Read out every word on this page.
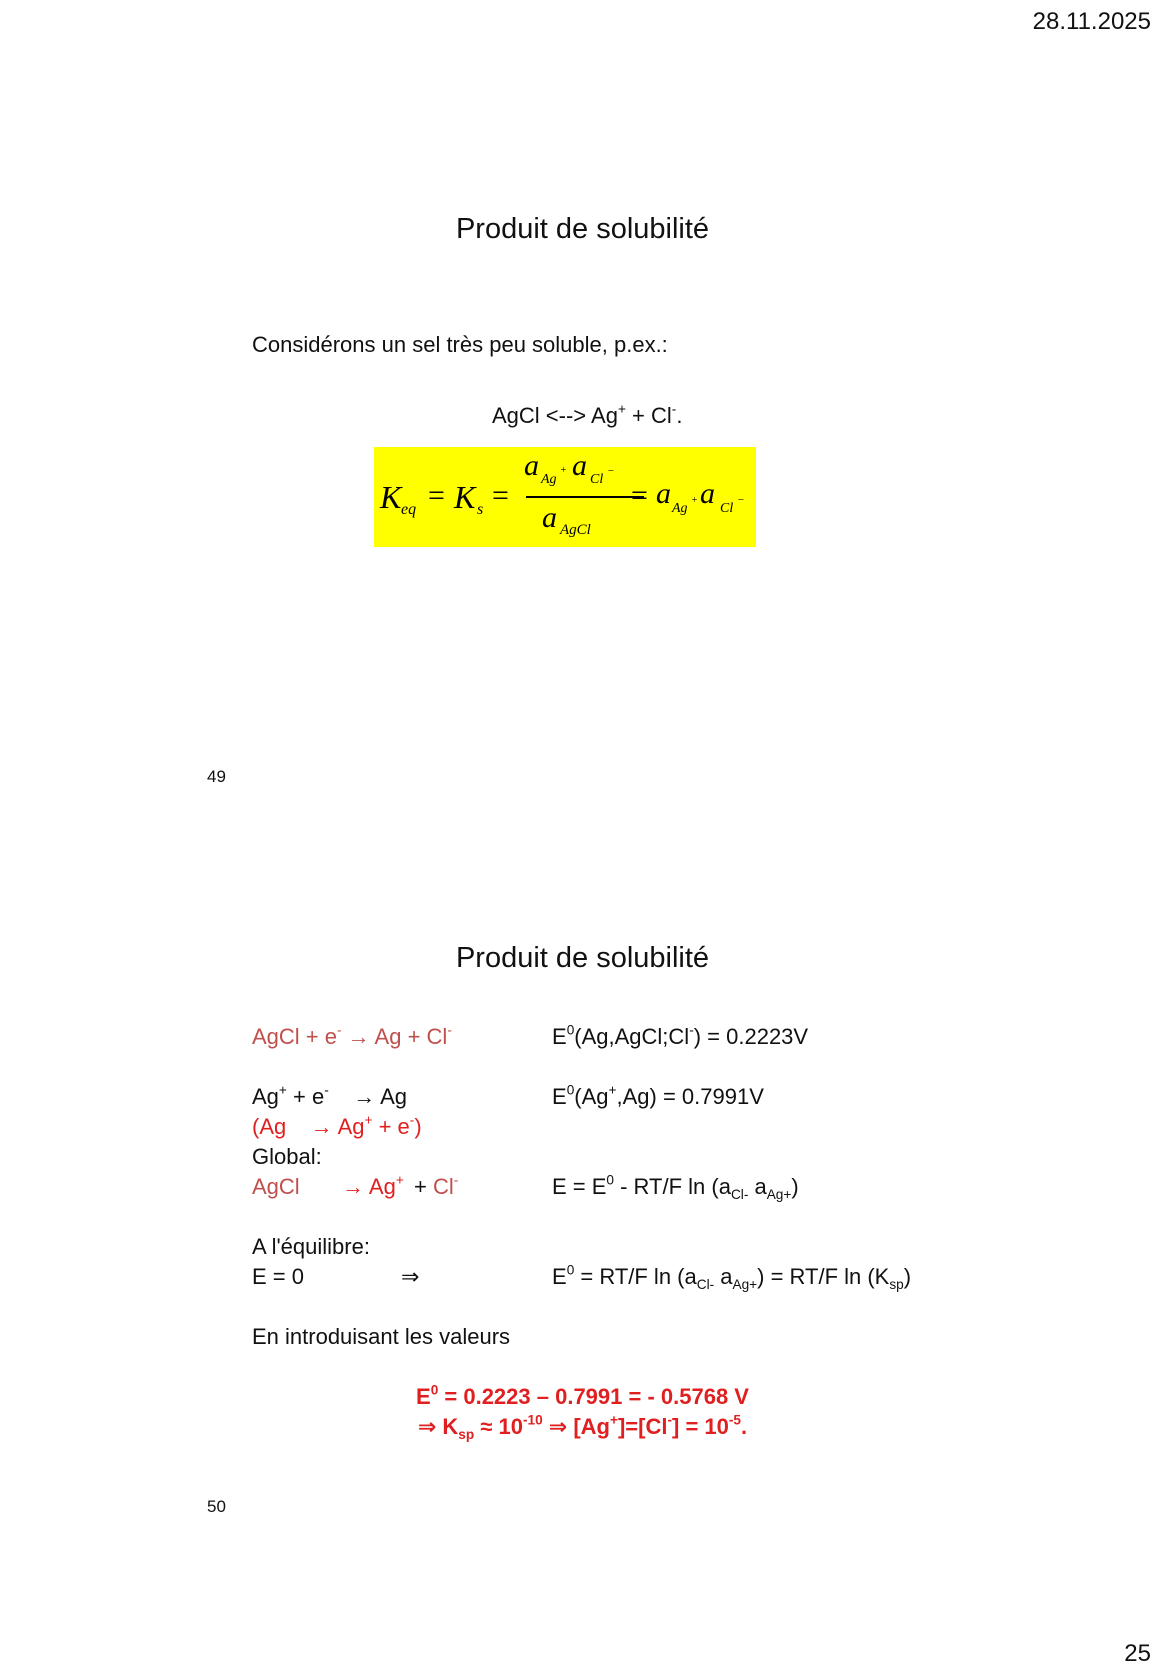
28.11.2025
25
Produit de solubilité
Considérons un sel très peu soluble, p.ex.:
AgCl <--> Ag+ + Cl-.
K eq = K s =
a Ag
+ a Cl
−
a AgCl
= a Ag
+ a Cl
−
49
Produit de solubilité
AgCl + e- → Ag + Cl-	$E^0(Ag,AgCl;Cl^-) = 0.2223V$
Ag+ + e-    → Ag	$E^0(Ag^+,Ag) = 0.7991V$
(Ag    → Ag+ + e-)
Global:
AgCl → Ag+ + Cl-	$E = E^0 - RT/F$ $\ln (a_{Cl-}$ $a_{Ag+}$)
A l'équilibre:
E = 0	⇒	$E^0 = RT/F$ $\ln (a_{Cl-}$ $a_{Ag+}) = RT/F$ $\ln (K_{sp})$
En introduisant les valeurs
$E^0 = 0.2223 - 0.7991$ = - 0.5768 V
⇒ $K_{sp} \approx 10^{-10}$ ⇒ $[Ag^+]=[Cl^-] = 10^{-5}$.
50
